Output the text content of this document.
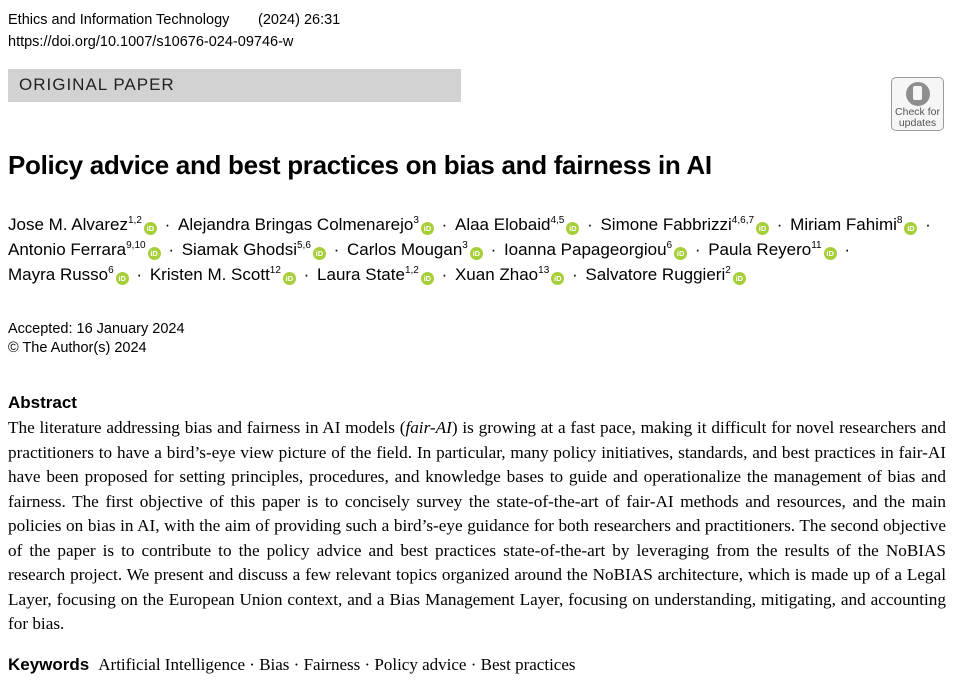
Ethics and Information Technology (2024) 26:31
https://doi.org/10.1007/s10676-024-09746-w
ORIGINAL PAPER
Check for
updates
Policy advice and best practices on bias and fairness in AI
Jose M. Alvarez$^{1,2}$iD · Alejandra Bringas Colmenarejo$^3$iD · Alaa Elobaid$^{4,5}$iD · Simone Fabbrizzi$^{4,6,7}$iD · Miriam Fahimi$^8$iD ·
Antonio Ferrara$^{9,10}$iD · Siamak Ghodsi$^{5,6}$iD · Carlos Mougan$^3$iD · Ioanna Papageorgiou$^6$iD · Paula Reyero$^{11}$iD ·
Mayra Russo$^6$iD · Kristen M. Scott$^{12}$iD · Laura State$^{1,2}$iD · Xuan Zhao$^{13}$iD · Salvatore Ruggieri$^2$iD
Accepted: 16 January 2024
© The Author(s) 2024
Abstract
The literature addressing bias and fairness in AI models (fair-AI) is growing at a fast pace, making it difficult for novel researchers and practitioners to have a bird’s-eye view picture of the field. In particular, many policy initiatives, standards, and best practices in fair-AI have been proposed for setting principles, procedures, and knowledge bases to guide and operationalize the management of bias and fairness. The first objective of this paper is to concisely survey the state-of-the-art of fair-AI methods and resources, and the main policies on bias in AI, with the aim of providing such a bird’s-eye guidance for both researchers and practitioners. The second objective of the paper is to contribute to the policy advice and best practices state-of-the-art by leveraging from the results of the NoBIAS research project. We present and discuss a few relevant topics organized around the NoBIAS architecture, which is made up of a Legal Layer, focusing on the European Union context, and a Bias Management Layer, focusing on understanding, mitigating, and accounting for bias.
Keywords Artificial Intelligence · Bias · Fairness · Policy advice · Best practices
